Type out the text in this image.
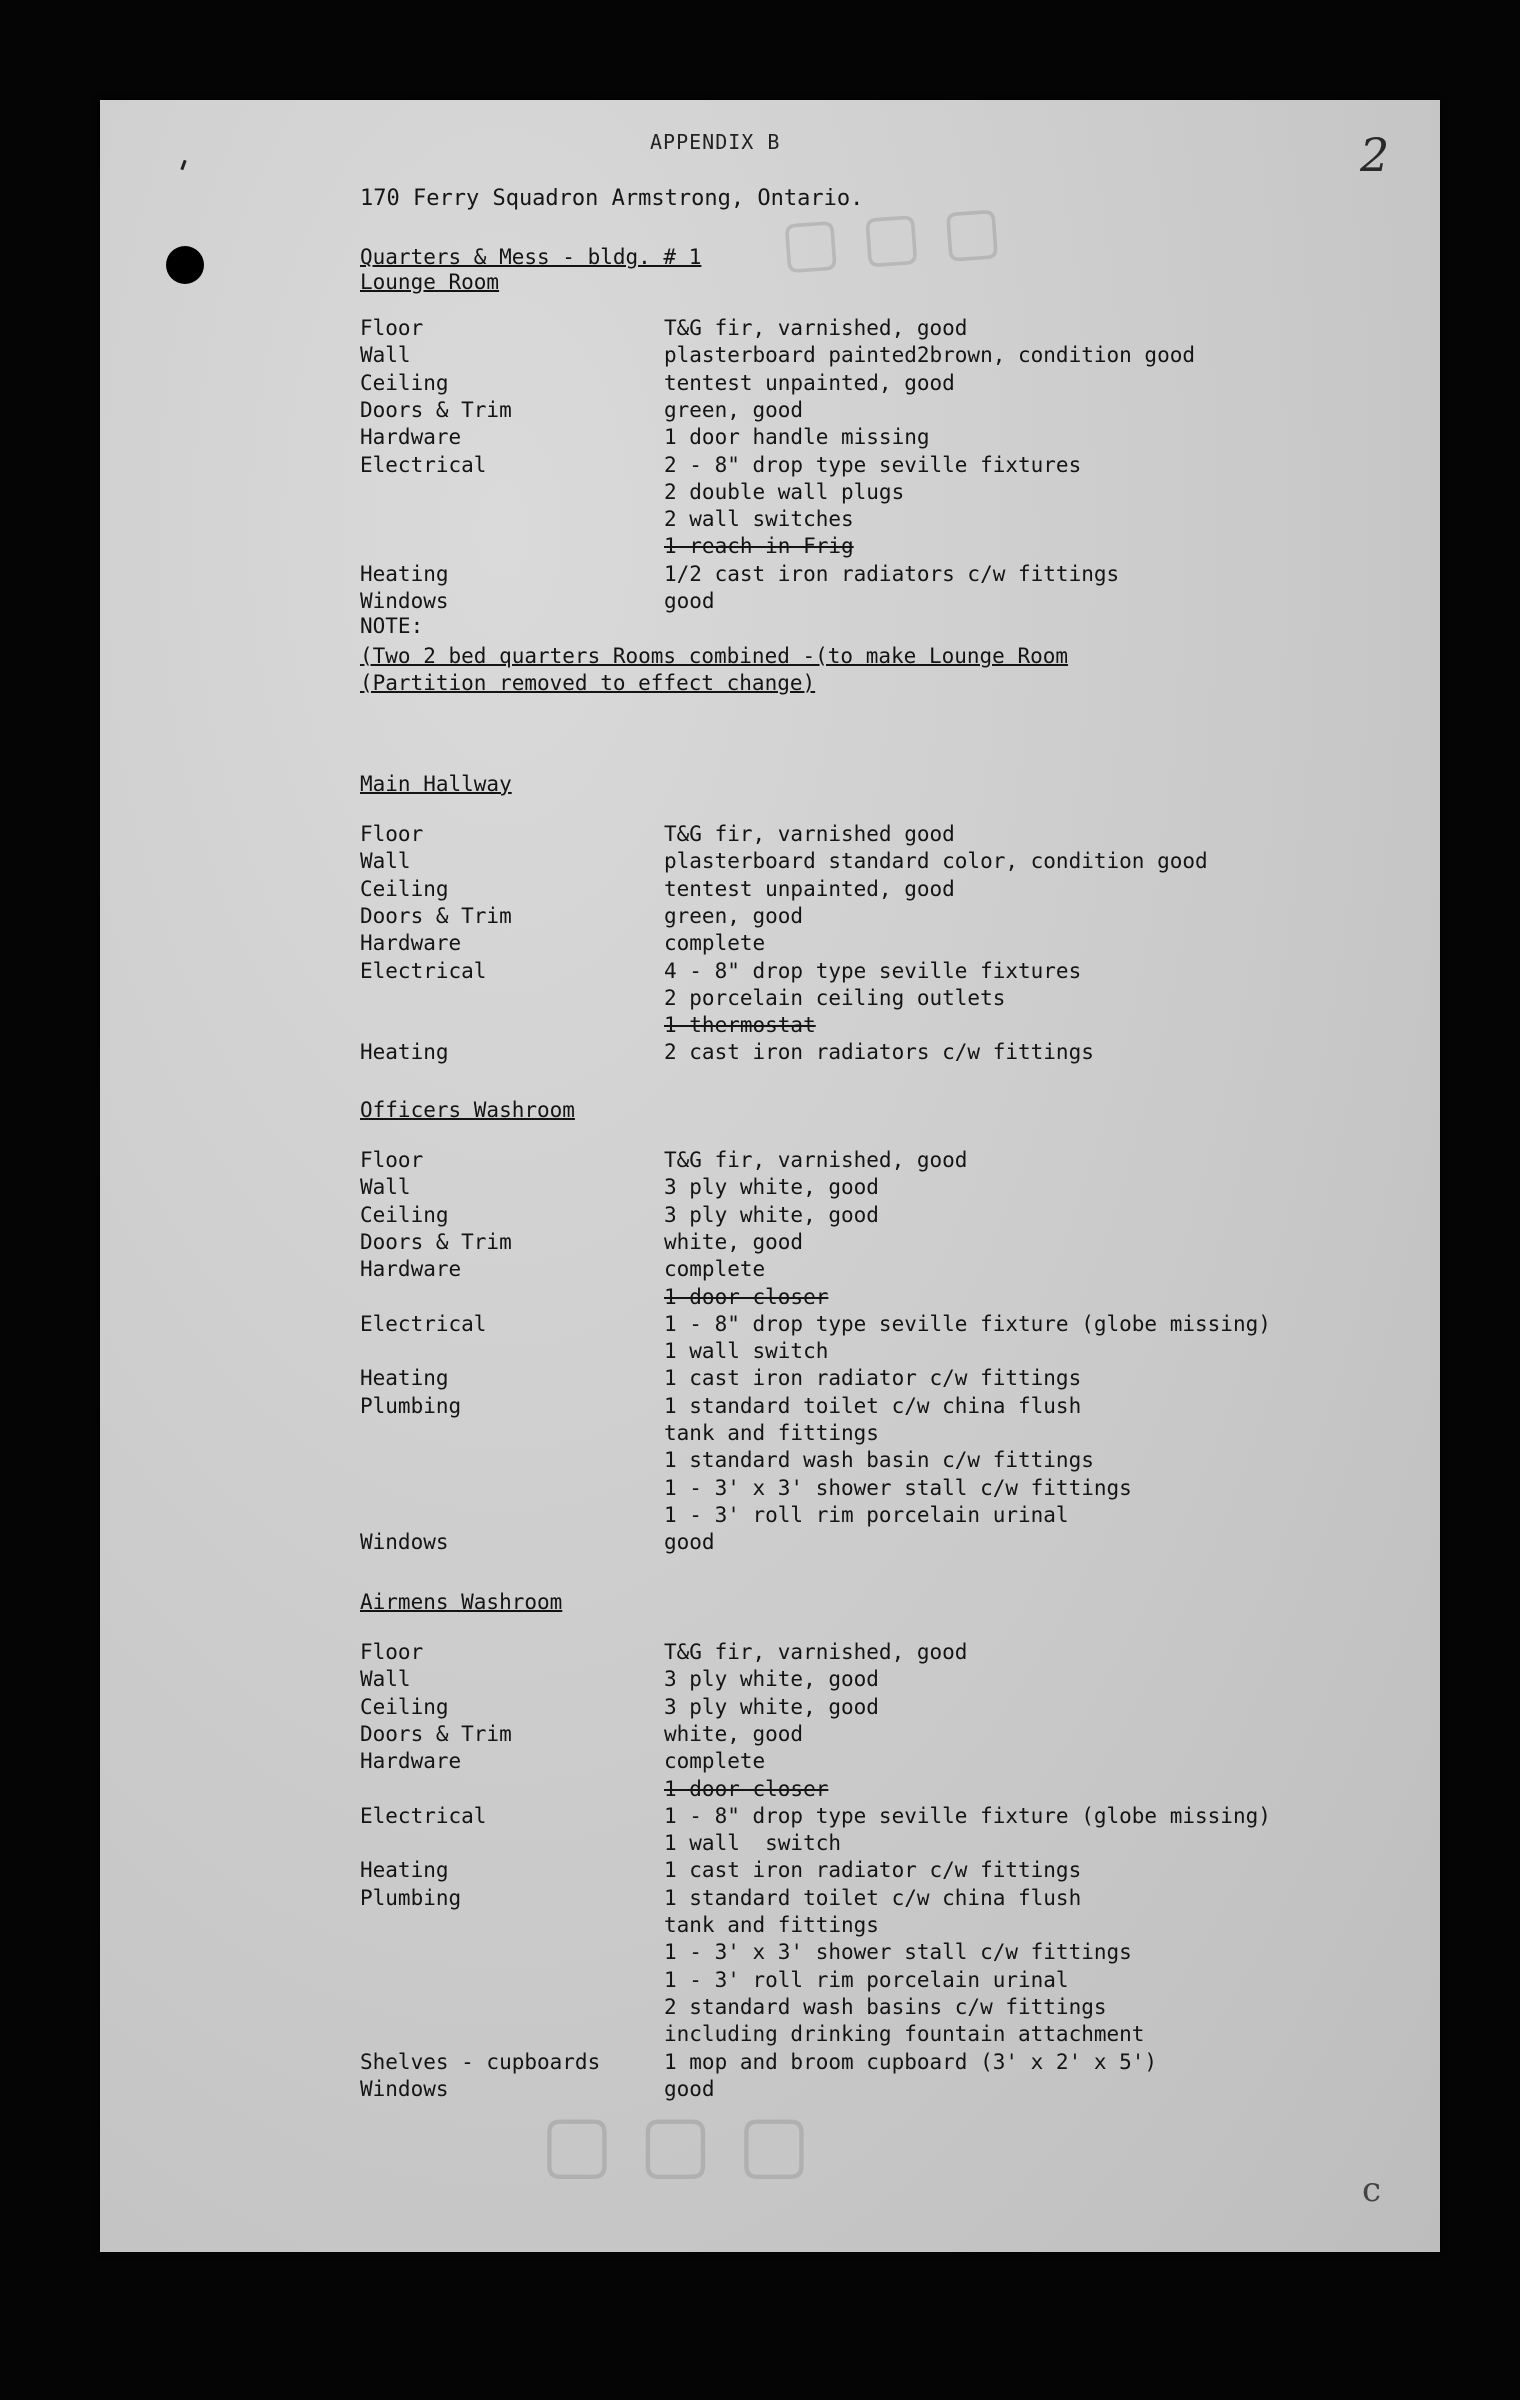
▢ ▢ ▢
▢ ▢ ▢
2
c
APPENDIX B
170 Ferry Squadron Armstrong, Ontario.
Quarters & Mess - bldg. # 1
Lounge Room
Floor	T&G fir, varnished, good
Wall	plasterboard painted2brown, condition good
Ceiling	tentest unpainted, good
Doors & Trim	green, good
Hardware	1 door handle missing
Electrical	2 - 8" drop type seville fixtures
2 double wall plugs
2 wall switches
1 reach in Frig
Heating	1/2 cast iron radiators c/w fittings
Windows	good
NOTE:
(Two 2 bed quarters Rooms combined -(to make Lounge Room
(Partition removed to effect change)
Main Hallway
Floor	T&G fir, varnished good
Wall	plasterboard standard color, condition good
Ceiling	tentest unpainted, good
Doors & Trim	green, good
Hardware	complete
Electrical	4 - 8" drop type seville fixtures
2 porcelain ceiling outlets
1 thermostat
Heating	2 cast iron radiators c/w fittings
Officers Washroom
Floor	T&G fir, varnished, good
Wall	3 ply white, good
Ceiling	3 ply white, good
Doors & Trim	white, good
Hardware	complete
1 door closer
Electrical	1 - 8" drop type seville fixture (globe missing)
1 wall switch
Heating	1 cast iron radiator c/w fittings
Plumbing	1 standard toilet c/w china flush
tank and fittings
1 standard wash basin c/w fittings
1 - 3' x 3' shower stall c/w fittings
1 - 3' roll rim porcelain urinal
Windows	good
Airmens Washroom
Floor	T&G fir, varnished, good
Wall	3 ply white, good
Ceiling	3 ply white, good
Doors & Trim	white, good
Hardware	complete
1 door closer
Electrical	1 - 8" drop type seville fixture (globe missing)
1 wall  switch
Heating	1 cast iron radiator c/w fittings
Plumbing	1 standard toilet c/w china flush
tank and fittings
1 - 3' x 3' shower stall c/w fittings
1 - 3' roll rim porcelain urinal
2 standard wash basins c/w fittings
including drinking fountain attachment
Shelves - cupboards	1 mop and broom cupboard (3' x 2' x 5')
Windows	good
